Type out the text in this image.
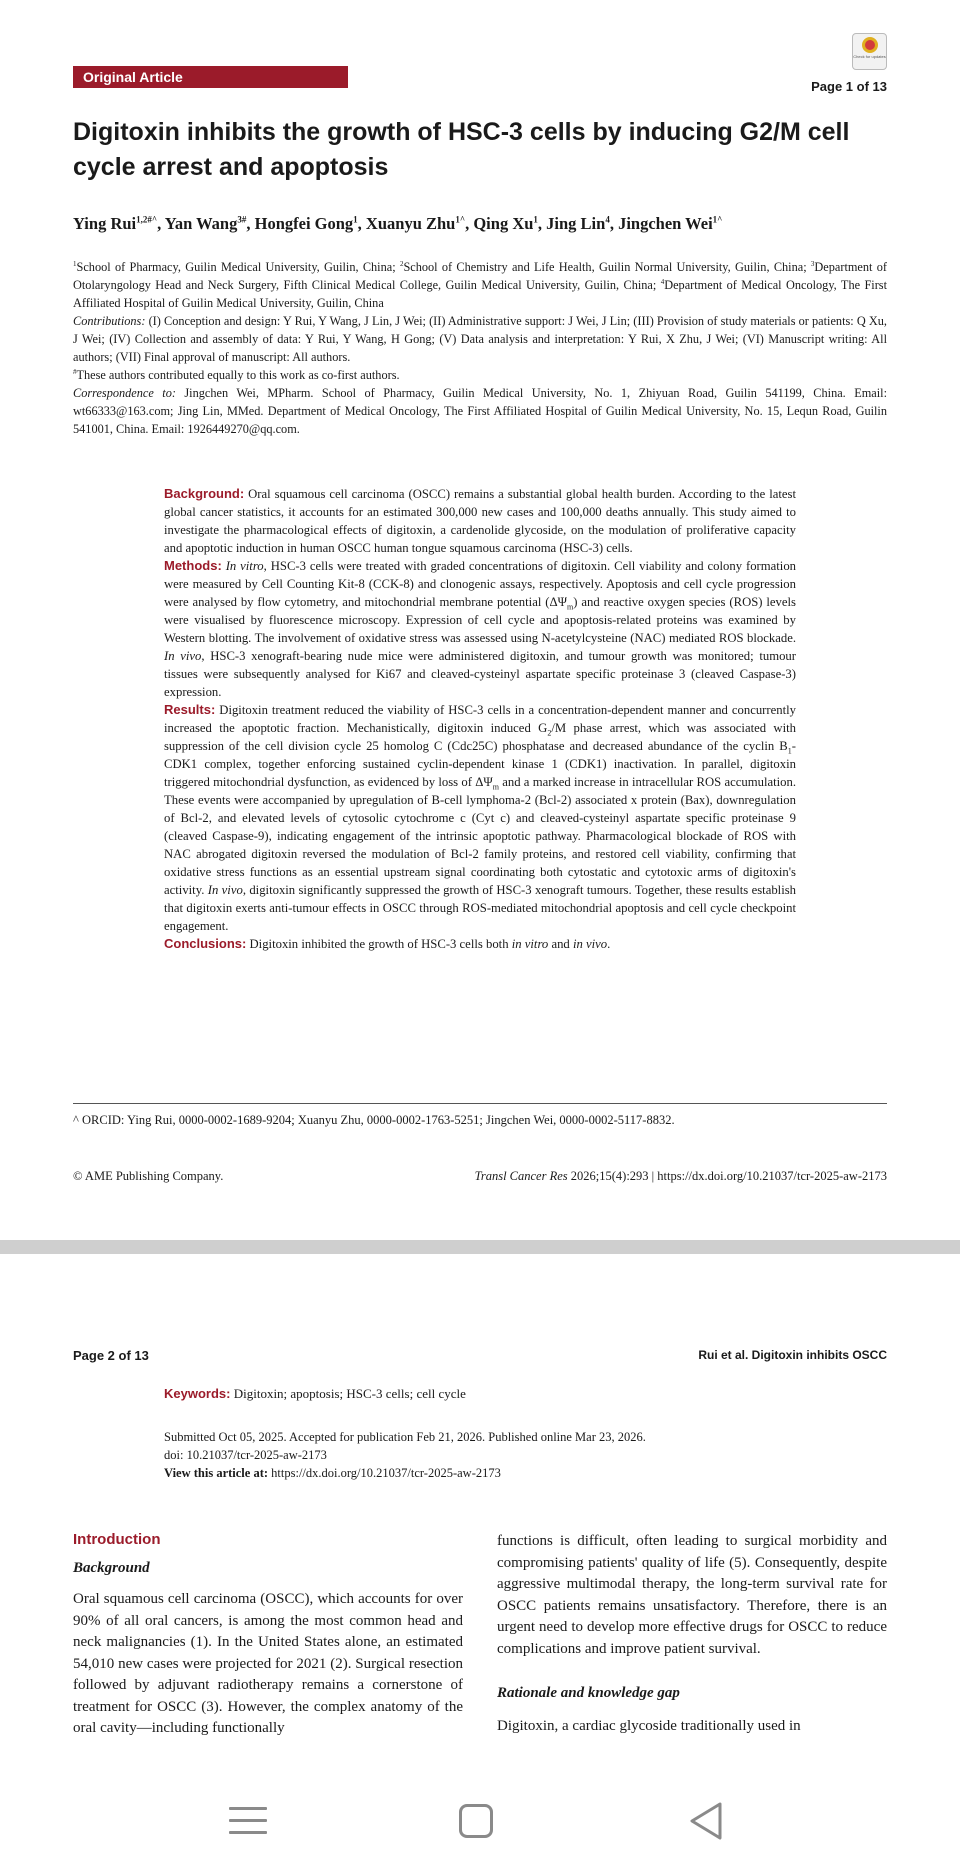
Original Article
Check for updates
Page 1 of 13
Digitoxin inhibits the growth of HSC-3 cells by inducing G2/M cell cycle arrest and apoptosis
Ying Rui$^{1,2\#\^{}}$, Yan Wang$^{3\#}$, Hongfei Gong$^1$, Xuanyu Zhu$^{1\^{}}$, Qing Xu$^1$, Jing Lin$^4$, Jingchen Wei$^{1\^{}}$

$^1$School of Pharmacy, Guilin Medical University, Guilin, China; $^2$School of Chemistry and Life Health, Guilin Normal University, Guilin, China; $^3$Department of Otolaryngology Head and Neck Surgery, Fifth Clinical Medical College, Guilin Medical University, Guilin, China; $^4$Department of Medical Oncology, The First Affiliated Hospital of Guilin Medical University, Guilin, China

Contributions: (I) Conception and design: Y Rui, Y Wang, J Lin, J Wei; (II) Administrative support: J Wei, J Lin; (III) Provision of study materials or patients: Q Xu, J Wei; (IV) Collection and assembly of data: Y Rui, Y Wang, H Gong; (V) Data analysis and interpretation: Y Rui, X Zhu, J Wei; (VI) Manuscript writing: All authors; (VII) Final approval of manuscript: All authors.

#These authors contributed equally to this work as co-first authors.

Correspondence to: Jingchen Wei, MPharm. School of Pharmacy, Guilin Medical University, No. 1, Zhiyuan Road, Guilin 541199, China. Email: wt66333@163.com; Jing Lin, MMed. Department of Medical Oncology, The First Affiliated Hospital of Guilin Medical University, No. 15, Lequn Road, Guilin 541001, China. Email: 1926449270@qq.com.

Background: Oral squamous cell carcinoma (OSCC) remains a substantial global health burden. According to the latest global cancer statistics, it accounts for an estimated 300,000 new cases and 100,000 deaths annually. This study aimed to investigate the pharmacological effects of digitoxin, a cardenolide glycoside, on the modulation of proliferative capacity and apoptotic induction in human OSCC human tongue squamous carcinoma (HSC-3) cells.

Methods: In vitro, HSC-3 cells were treated with graded concentrations of digitoxin. Cell viability and colony formation were measured by Cell Counting Kit-8 (CCK-8) and clonogenic assays, respectively. Apoptosis and cell cycle progression were analysed by flow cytometry, and mitochondrial membrane potential $(\Delta\Psi_m)$ and reactive oxygen species (ROS) levels were visualised by fluorescence microscopy. Expression of cell cycle and apoptosis-related proteins was examined by Western blotting. The involvement of oxidative stress was assessed using N-acetylcysteine (NAC) mediated ROS blockade. In vivo, HSC-3 xenograft-bearing nude mice were administered digitoxin, and tumour growth was monitored; tumour tissues were subsequently analysed for Ki67 and cleaved-cysteinyl aspartate specific proteinase 3 (cleaved Caspase-3) expression.

Results: Digitoxin treatment reduced the viability of HSC-3 cells in a concentration-dependent manner and concurrently increased the apoptotic fraction. Mechanistically, digitoxin induced $G_2/M$ phase arrest, which was associated with suppression of the cell division cycle 25 homolog C (Cdc25C) phosphatase and decreased abundance of the cyclin $B_1-CDK1$ complex, together enforcing sustained cyclin-dependent kinase 1 (CDK1) inactivation. In parallel, digitoxin triggered mitochondrial dysfunction, as evidenced by loss of $\Delta\Psi_m$ and a marked increase in intracellular ROS accumulation. These events were accompanied by upregulation of B-cell lymphoma-2 (Bcl-2) associated x protein (Bax), downregulation of Bcl-2, and elevated levels of cytosolic cytochrome c (Cyt c) and cleaved-cysteinyl aspartate specific proteinase 9 (cleaved Caspase-9), indicating engagement of the intrinsic apoptotic pathway. Pharmacological blockade of ROS with NAC abrogated digitoxin reversed the modulation of Bcl-2 family proteins, and restored cell viability, confirming that oxidative stress functions as an essential upstream signal coordinating both cytostatic and cytotoxic arms of digitoxin's activity. In vivo, digitoxin significantly suppressed the growth of HSC-3 xenograft tumours. Together, these results establish that digitoxin exerts anti-tumour effects in OSCC through ROS-mediated mitochondrial apoptosis and cell cycle checkpoint engagement.

Conclusions: Digitoxin inhibited the growth of HSC-3 cells both in vitro and in vivo.

^ ORCID: Ying Rui, 0000-0002-1689-9204; Xuanyu Zhu, 0000-0002-1763-5251; Jingchen Wei, 0000-0002-5117-8832.
© AME Publishing Company.	Transl Cancer Res 2026;15(4):293 | https://dx.doi.org/10.21037/tcr-2025-aw-2173
Page 2 of 13	Rui et al. Digitoxin inhibits OSCC
Keywords: Digitoxin; apoptosis; HSC-3 cells; cell cycle
Submitted Oct 05, 2025. Accepted for publication Feb 21, 2026. Published online Mar 23, 2026.
doi: 10.21037/tcr-2025-aw-2173
View this article at: https://dx.doi.org/10.21037/tcr-2025-aw-2173
Introduction
Background

Oral squamous cell carcinoma (OSCC), which accounts for over 90% of all oral cancers, is among the most common head and neck malignancies (1). In the United States alone, an estimated 54,010 new cases were projected for 2021 (2). Surgical resection followed by adjuvant radiotherapy remains a cornerstone of treatment for OSCC (3). However, the complex anatomy of the oral cavity—including functionally

functions is difficult, often leading to surgical morbidity and compromising patients' quality of life (5). Consequently, despite aggressive multimodal therapy, the long-term survival rate for OSCC patients remains unsatisfactory. Therefore, there is an urgent need to develop more effective drugs for OSCC to reduce complications and improve patient survival.

Rationale and knowledge gap

Digitoxin, a cardiac glycoside traditionally used in
